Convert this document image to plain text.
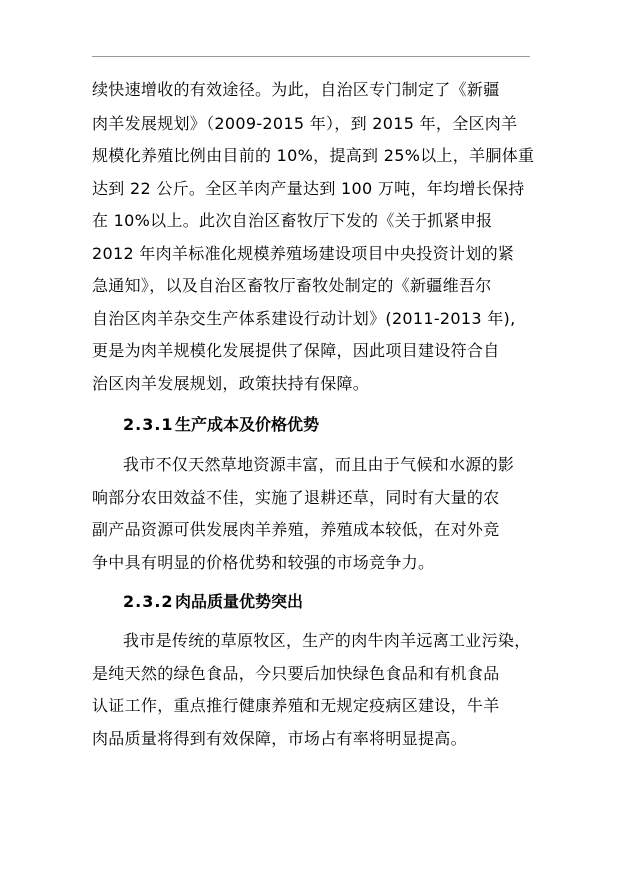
续快速增收的有效途径。为此，自治区专门制定了《新疆
肉羊发展规划》（2009-2015 年），到 2015 年，全区肉羊
规模化养殖比例由目前的 10%，提高到 25%以上，羊胴体重
达到 22 公斤。全区羊肉产量达到 100 万吨，年均增长保持
在 10%以上。此次自治区畜牧厅下发的《关于抓紧申报
2012 年肉羊标准化规模养殖场建设项目中央投资计划的紧
急通知》，以及自治区畜牧厅畜牧处制定的《新疆维吾尔
自治区肉羊杂交生产体系建设行动计划》(2011-2013 年),
更是为肉羊规模化发展提供了保障，因此项目建设符合自
治区肉羊发展规划，政策扶持有保障。
2.3.1生产成本及价格优势
我市不仅天然草地资源丰富，而且由于气候和水源的影
响部分农田效益不佳，实施了退耕还草，同时有大量的农
副产品资源可供发展肉羊养殖，养殖成本较低，在对外竞
争中具有明显的价格优势和较强的市场竞争力。
2.3.2肉品质量优势突出
我市是传统的草原牧区，生产的肉牛肉羊远离工业污染，
是纯天然的绿色食品，今只要后加快绿色食品和有机食品
认证工作，重点推行健康养殖和无规定疫病区建设，牛羊
肉品质量将得到有效保障，市场占有率将明显提高。
